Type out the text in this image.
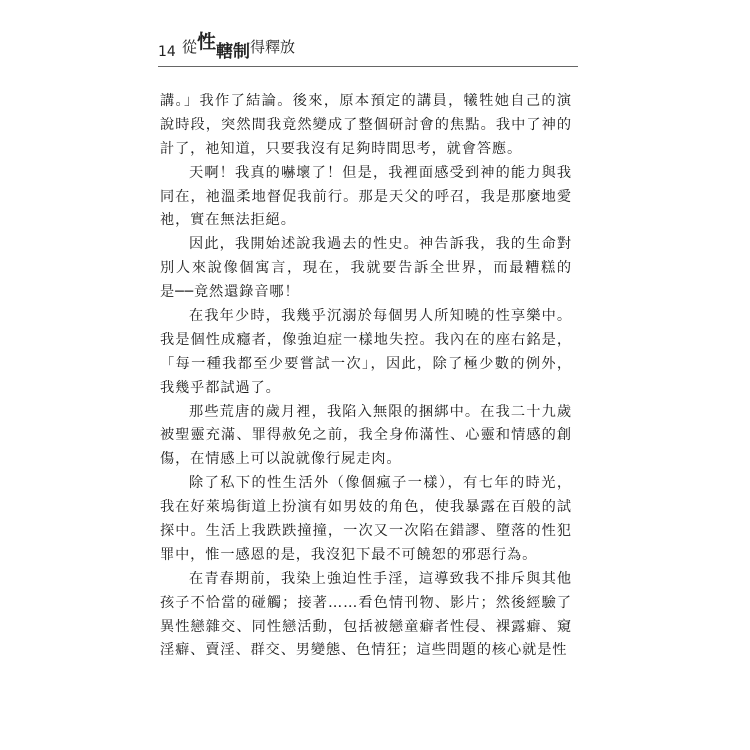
14 從 性 轄制 得釋放
講。」我作了結論。後來，原本預定的講員，犧牲她自己的演
說時段，突然間我竟然變成了整個研討會的焦點。我中了神的
計了，祂知道，只要我沒有足夠時間思考，就會答應。
天啊！我真的嚇壞了！但是，我裡面感受到神的能力與我
同在，祂溫柔地督促我前行。那是天父的呼召，我是那麼地愛
祂，實在無法拒絕。
因此，我開始述說我過去的性史。神告訴我，我的生命對
別人來說像個寓言，現在，我就要告訴全世界，而最糟糕的
是──竟然還錄音哪！
在我年少時，我幾乎沉溺於每個男人所知曉的性享樂中。
我是個性成癮者，像強迫症一樣地失控。我內在的座右銘是，
「每一種我都至少要嘗試一次」，因此，除了極少數的例外，
我幾乎都試過了。
那些荒唐的歲月裡，我陷入無限的捆綁中。在我二十九歲
被聖靈充滿、罪得赦免之前，我全身佈滿性、心靈和情感的創
傷，在情感上可以說就像行屍走肉。
除了私下的性生活外（像個瘋子一樣），有七年的時光，
我在好萊塢街道上扮演有如男妓的角色，使我暴露在百般的試
探中。生活上我跌跌撞撞，一次又一次陷在錯謬、墮落的性犯
罪中，惟一感恩的是，我沒犯下最不可饒恕的邪惡行為。
在青春期前，我染上強迫性手淫，這導致我不排斥與其他
孩子不恰當的碰觸；接著……看色情刊物、影片；然後經驗了
異性戀雜交、同性戀活動，包括被戀童癖者性侵、裸露癖、窺
淫癖、賣淫、群交、男變態、色情狂；這些問題的核心就是性
